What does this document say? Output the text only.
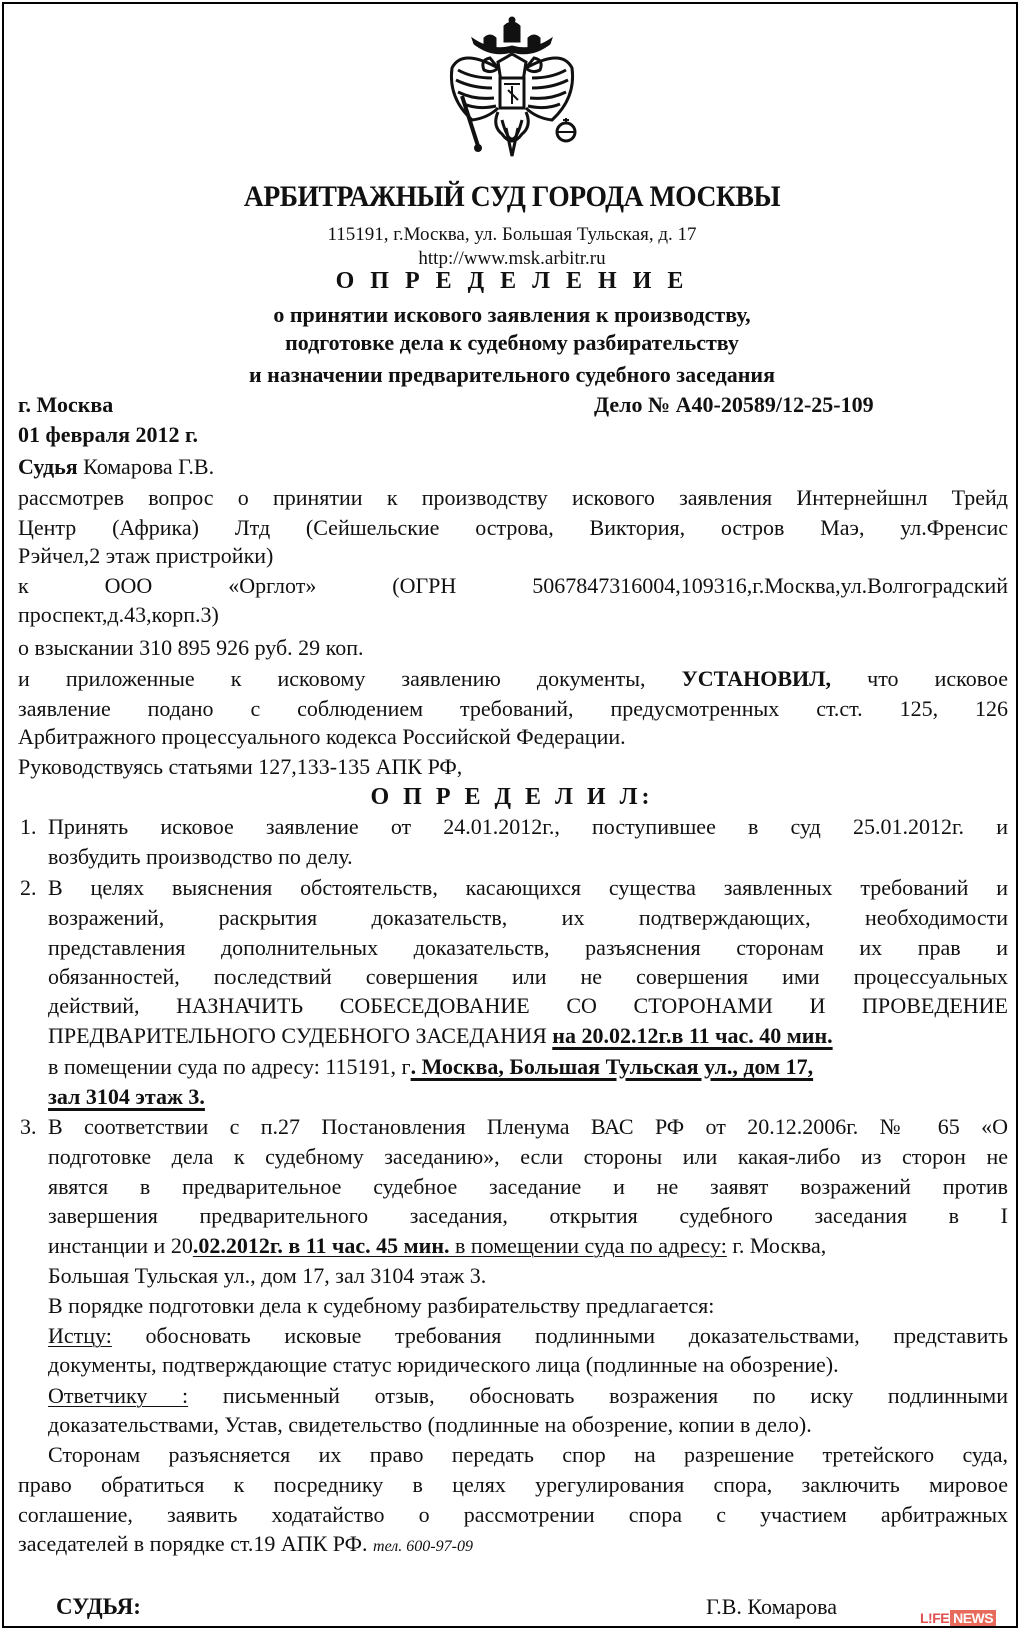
АРБИТРАЖНЫЙ СУД ГОРОДА МОСКВЫ
115191, г.Москва, ул. Большая Тульская, д. 17
http://www.msk.arbitr.ru
О П Р Е Д Е Л Е Н И Е
о принятии искового заявления к производству,
подготовке дела к судебному разбирательству
и назначении предварительного судебного заседания
г. Москва	Дело № А40-20589/12-25-109
01 февраля 2012 г.
Судья Комарова Г.В.
рассмотрев вопрос о принятии к производству искового заявления Интернейшнл Трейд
Центр (Африка) Лтд (Сейшельские острова, Виктория, остров Маэ, ул.Френсис
Рэйчел,2 этаж пристройки)
к ООО «Орглот» (ОГРН 5067847316004,109316,г.Москва,ул.Волгоградский
проспект,д.43,корп.3)
о взыскании 310 895 926 руб. 29 коп.
и приложенные к исковому заявлению документы, УСТАНОВИЛ, что исковое
заявление подано с соблюдением требований, предусмотренных ст.ст. 125, 126
Арбитражного процессуального кодекса Российской Федерации.
Руководствуясь статьями 127,133-135 АПК РФ,
О П Р Е Д Е Л И Л:
1. Принять исковое заявление от 24.01.2012г., поступившее в суд 25.01.2012г. и
возбудить производство по делу.
2. В целях выяснения обстоятельств, касающихся существа заявленных требований и
возражений, раскрытия доказательств, их подтверждающих, необходимости
представления дополнительных доказательств, разъяснения сторонам их прав и
обязанностей, последствий совершения или не совершения ими процессуальных
действий, НАЗНАЧИТЬ СОБЕСЕДОВАНИЕ СО СТОРОНАМИ И ПРОВЕДЕНИЕ
ПРЕДВАРИТЕЛЬНОГО СУДЕБНОГО ЗАСЕДАНИЯ на 20.02.12г.в 11 час. 40 мин.
в помещении суда по адресу: 115191, г. Москва, Большая Тульская ул., дом 17,
зал 3104 этаж 3.
3. В соответствии с п.27 Постановления Пленума ВАС РФ от 20.12.2006г. № 65 «О
подготовке дела к судебному заседанию», если стороны или какая-либо из сторон не
явятся в предварительное судебное заседание и не заявят возражений против
завершения предварительного заседания, открытия судебного заседания в I
инстанции и 20.02.2012г. в 11 час. 45 мин. в помещении суда по адресу: г. Москва,
Большая Тульская ул., дом 17, зал 3104 этаж 3.
В порядке подготовки дела к судебному разбирательству предлагается:
Истцу: обосновать исковые требования подлинными доказательствами, представить
документы, подтверждающие статус юридического лица (подлинные на обозрение).
Ответчику : письменный отзыв, обосновать возражения по иску подлинными
доказательствами, Устав, свидетельство (подлинные на обозрение, копии в дело).
Сторонам разъясняется их право передать спор на разрешение третейского суда,
право обратиться к посреднику в целях урегулирования спора, заключить мировое
соглашение, заявить ходатайство о рассмотрении спора с участием арбитражных
заседателей в порядке ст.19 АПК РФ. тел. 600-97-09
СУДЬЯ:	Г.В. Комарова	L!FE NEWS
